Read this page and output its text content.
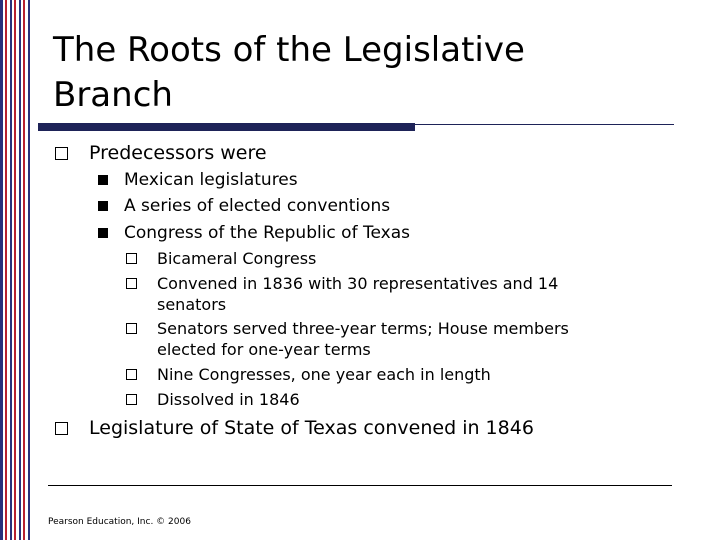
The Roots of the Legislative
Branch
Predecessors were
Mexican legislatures
A series of elected conventions
Congress of the Republic of Texas
Bicameral Congress
Convened in 1836 with 30 representatives and 14
senators
Senators served three-year terms; House members
elected for one-year terms
Nine Congresses, one year each in length
Dissolved in 1846
Legislature of State of Texas convened in 1846
Pearson Education, Inc. © 2006
